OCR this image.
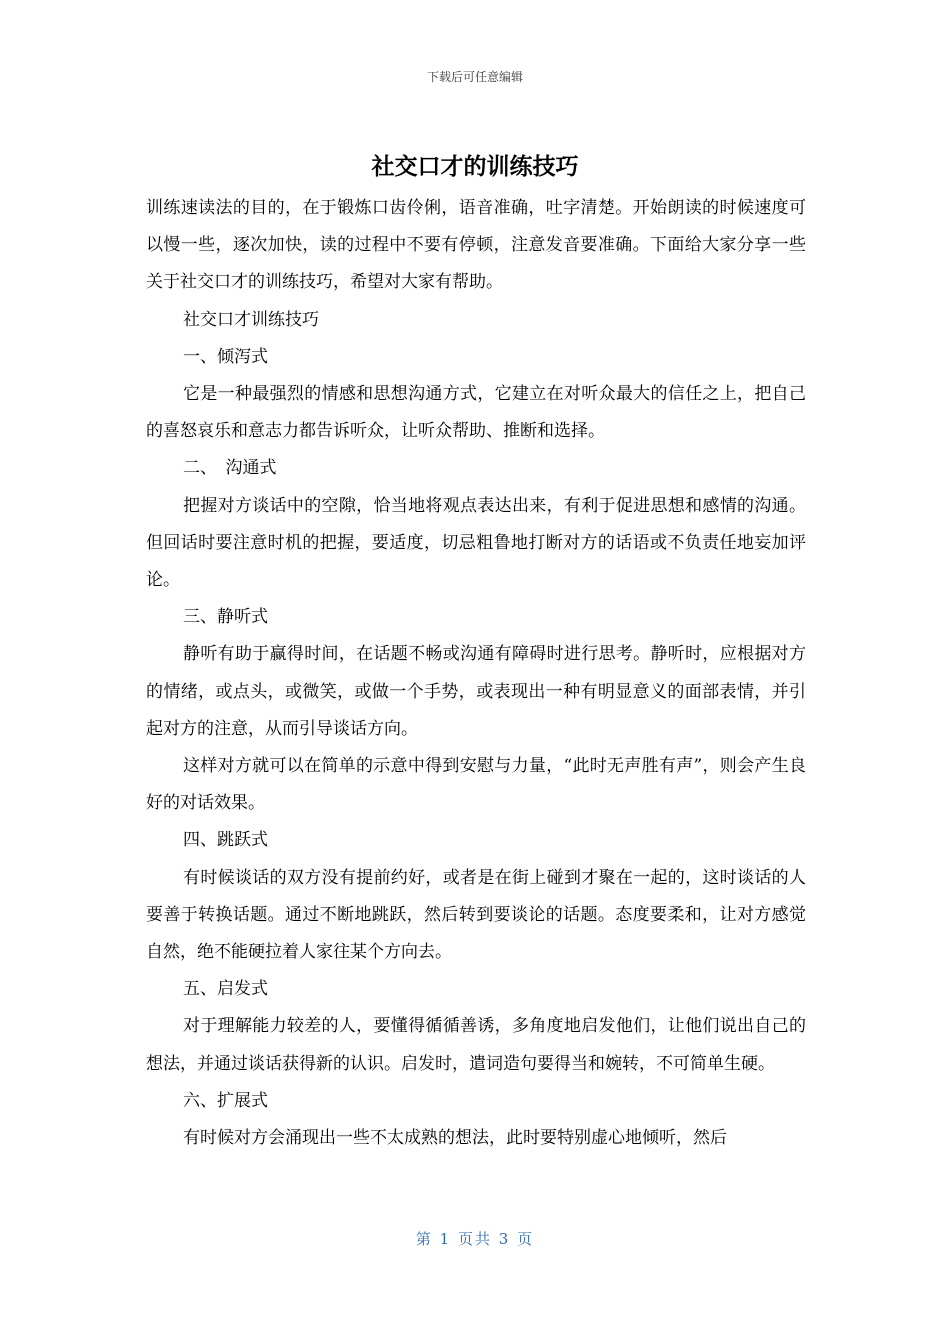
下载后可任意编辑
社交口才的训练技巧

训练速读法的目的，在于锻炼口齿伶俐，语音准确，吐字清楚。开始朗读的时候速度可以慢一些，逐次加快，读的过程中不要有停顿，注意发音要准确。下面给大家分享一些关于社交口才的训练技巧，希望对大家有帮助。

社交口才训练技巧

一、倾泻式

它是一种最强烈的情感和思想沟通方式，它建立在对听众最大的信任之上，把自己的喜怒哀乐和意志力都告诉听众，让听众帮助、推断和选择。

二、　沟通式

把握对方谈话中的空隙，恰当地将观点表达出来，有利于促进思想和感情的沟通。但回话时要注意时机的把握，要适度，切忌粗鲁地打断对方的话语或不负责任地妄加评论。

三、静听式

静听有助于赢得时间，在话题不畅或沟通有障碍时进行思考。静听时，应根据对方的情绪，或点头，或微笑，或做一个手势，或表现出一种有明显意义的面部表情，并引起对方的注意，从而引导谈话方向。

这样对方就可以在简单的示意中得到安慰与力量，“此时无声胜有声”，则会产生良好的对话效果。

四、跳跃式

有时候谈话的双方没有提前约好，或者是在街上碰到才聚在一起的，这时谈话的人要善于转换话题。通过不断地跳跃，然后转到要谈论的话题。态度要柔和，让对方感觉自然，绝不能硬拉着人家往某个方向去。

五、启发式

对于理解能力较差的人，要懂得循循善诱，多角度地启发他们，让他们说出自己的想法，并通过谈话获得新的认识。启发时，遣词造句要得当和婉转，不可简单生硬。

六、扩展式

有时候对方会涌现出一些不太成熟的想法，此时要特别虚心地倾听，然后

第 1 页共 3 页
